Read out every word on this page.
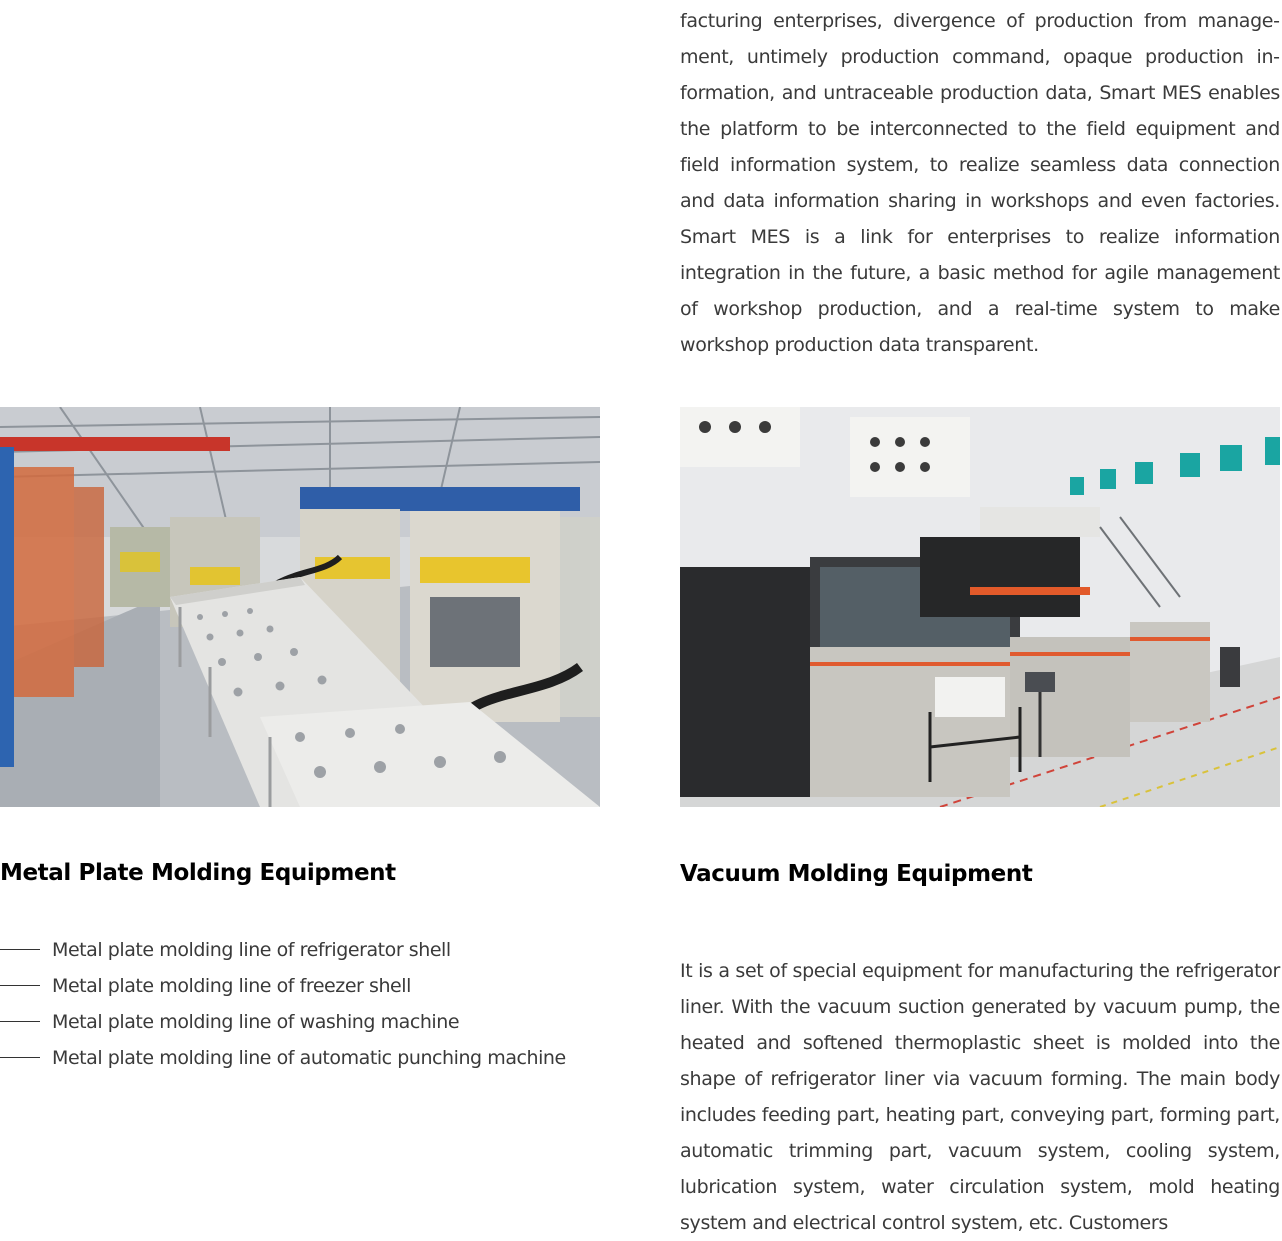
facturing enterprises, divergence of production from management, untimely production command, opaque production information, and untraceable production data, Smart MES enables the platform to be interconnected to the field equipment and field information system, to realize seamless data connection and data information sharing in workshops and even factories. Smart MES is a link for enterprises to realize information integration in the future, a basic method for agile management of workshop production, and a real-time system to make workshop production data transparent.

Metal Plate Molding Equipment
Metal plate molding line of refrigerator shell
Metal plate molding line of freezer shell
Metal plate molding line of washing machine
Metal plate molding line of automatic punching machine
Vacuum Molding Equipment

It is a set of special equipment for manufacturing the refrigerator liner. With the vacuum suction generated by vacuum pump, the heated and softened thermoplastic sheet is molded into the shape of refrigerator liner via vacuum forming. The main body includes feeding part, heating part, conveying part, forming part, automatic trimming part, vacuum system, cooling system, lubrication system, water circulation system, mold heating system and electrical control system, etc. Customers
